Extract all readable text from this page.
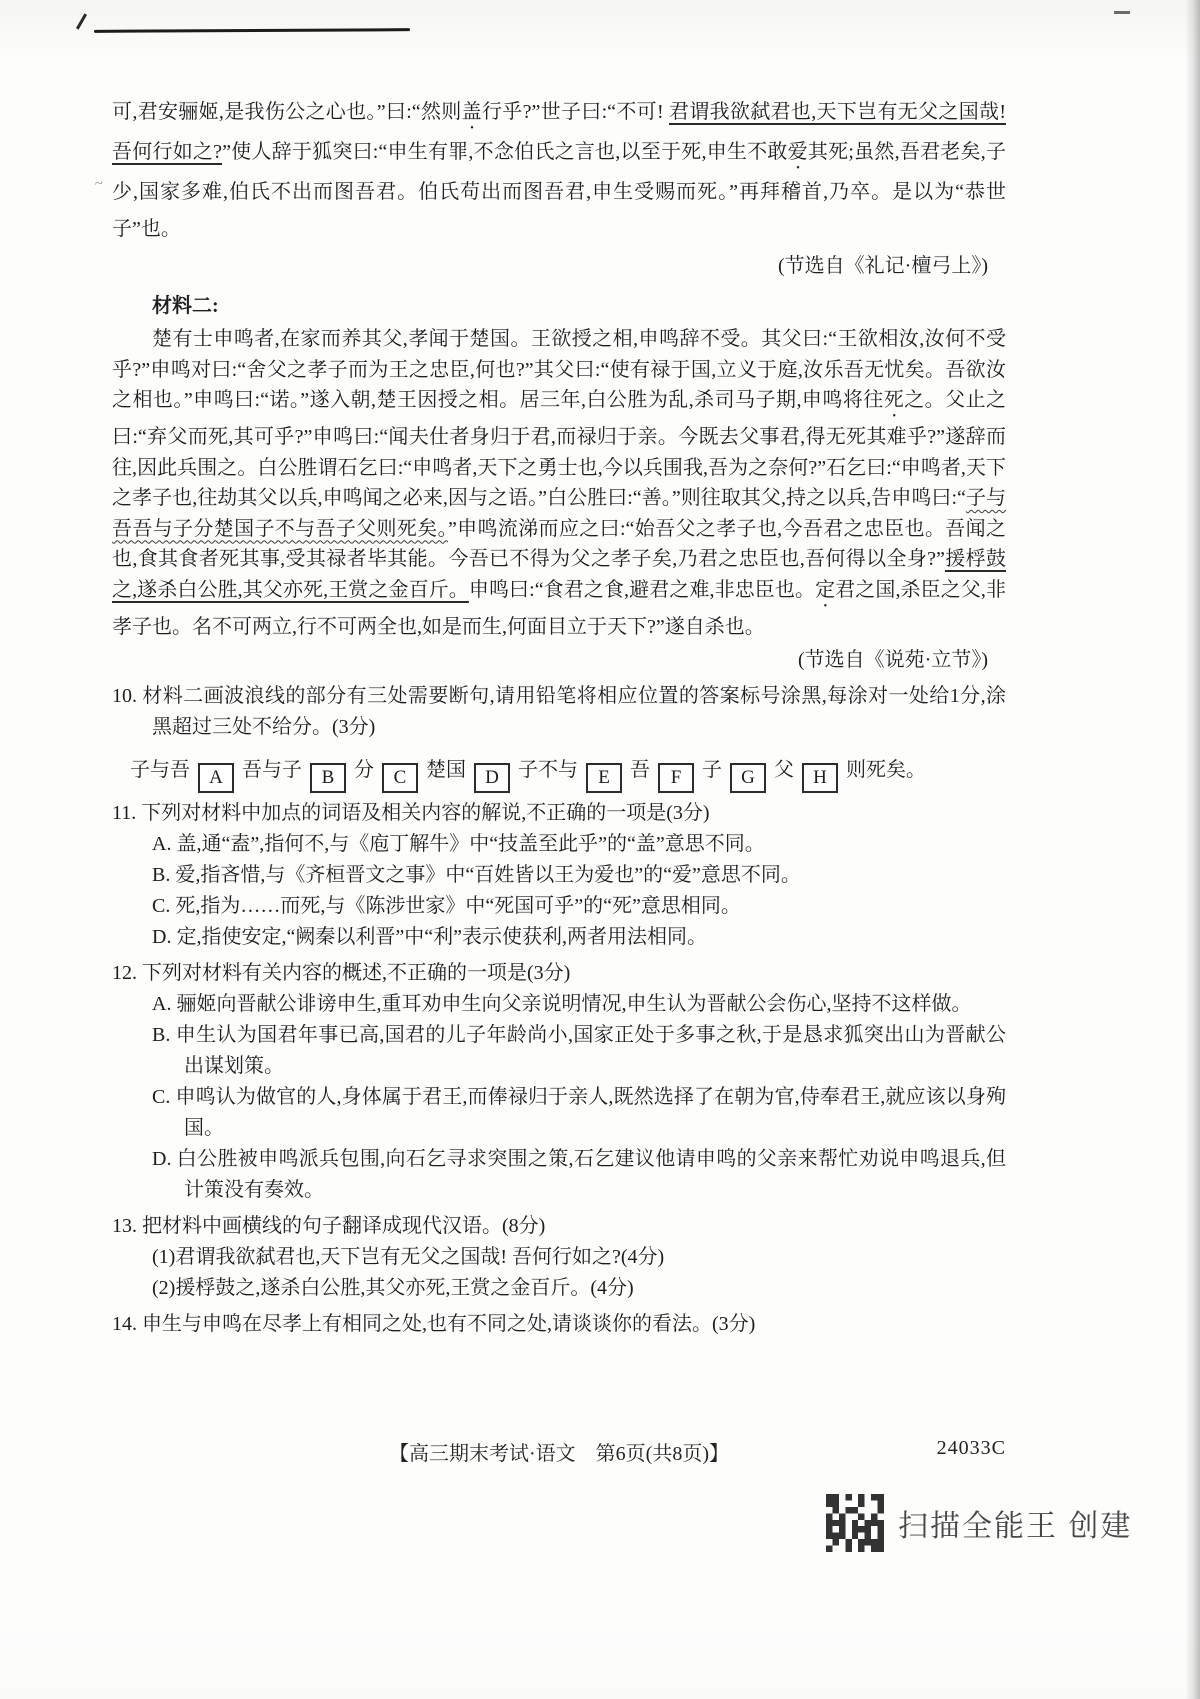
~

可,君安骊姬,是我伤公之心也。”曰:“然则盖行乎?”世子曰:“不可! 君谓我欲弑君也,天下岂有无父之国哉! 吾何行如之?”使人辞于狐突曰:“申生有罪,不念伯氏之言也,以至于死,申生不敢爱其死;虽然,吾君老矣,子少,国家多难,伯氏不出而图吾君。伯氏苟出而图吾君,申生受赐而死。”再拜稽首,乃卒。是以为“恭世子”也。

(节选自《礼记·檀弓上》)

材料二:

楚有士申鸣者,在家而养其父,孝闻于楚国。王欲授之相,申鸣辞不受。其父曰:“王欲相汝,汝何不受乎?”申鸣对曰:“舍父之孝子而为王之忠臣,何也?”其父曰:“使有禄于国,立义于庭,汝乐吾无忧矣。吾欲汝之相也。”申鸣曰:“诺。”遂入朝,楚王因授之相。居三年,白公胜为乱,杀司马子期,申鸣将往死之。父止之曰:“弃父而死,其可乎?”申鸣曰:“闻夫仕者身归于君,而禄归于亲。今既去父事君,得无死其难乎?”遂辞而往,因此兵围之。白公胜谓石乞曰:“申鸣者,天下之勇士也,今以兵围我,吾为之奈何?”石乞曰:“申鸣者,天下之孝子也,往劫其父以兵,申鸣闻之必来,因与之语。”白公胜曰:“善。”则往取其父,持之以兵,告申鸣曰:“子与吾吾与子分楚国子不与吾子父则死矣。”申鸣流涕而应之曰:“始吾父之孝子也,今吾君之忠臣也。吾闻之也,食其食者死其事,受其禄者毕其能。今吾已不得为父之孝子矣,乃君之忠臣也,吾何得以全身?”援桴鼓之,遂杀白公胜,其父亦死,王赏之金百斤。申鸣曰:“食君之食,避君之难,非忠臣也。定君之国,杀臣之父,非孝子也。名不可两立,行不可两全也,如是而生,何面目立于天下?”遂自杀也。

(节选自《说苑·立节》)

10. 材料二画波浪线的部分有三处需要断句,请用铅笔将相应位置的答案标号涂黑,每涂对一处给1分,涂黑超过三处不给分。(3分)

子与吾 A 吾与子 B 分 C 楚国 D 子不与 E 吾 F 子 G 父 H 则死矣。

11. 下列对材料中加点的词语及相关内容的解说,不正确的一项是(3分)

A. 盖,通“盍”,指何不,与《庖丁解牛》中“技盖至此乎”的“盖”意思不同。

B. 爱,指吝惜,与《齐桓晋文之事》中“百姓皆以王为爱也”的“爱”意思不同。

C. 死,指为……而死,与《陈涉世家》中“死国可乎”的“死”意思相同。

D. 定,指使安定,“阙秦以利晋”中“利”表示使获利,两者用法相同。

12. 下列对材料有关内容的概述,不正确的一项是(3分)

A. 骊姬向晋献公诽谤申生,重耳劝申生向父亲说明情况,申生认为晋献公会伤心,坚持不这样做。

B. 申生认为国君年事已高,国君的儿子年龄尚小,国家正处于多事之秋,于是恳求狐突出山为晋献公出谋划策。

C. 申鸣认为做官的人,身体属于君王,而俸禄归于亲人,既然选择了在朝为官,侍奉君王,就应该以身殉国。

D. 白公胜被申鸣派兵包围,向石乞寻求突围之策,石乞建议他请申鸣的父亲来帮忙劝说申鸣退兵,但计策没有奏效。

13. 把材料中画横线的句子翻译成现代汉语。(8分)

(1)君谓我欲弑君也,天下岂有无父之国哉! 吾何行如之?(4分)

(2)援桴鼓之,遂杀白公胜,其父亦死,王赏之金百斤。(4分)

14. 申生与申鸣在尽孝上有相同之处,也有不同之处,请谈谈你的看法。(3分)

【高三期末考试·语文　第6页(共8页)】	24033C
扫描全能王 创建
